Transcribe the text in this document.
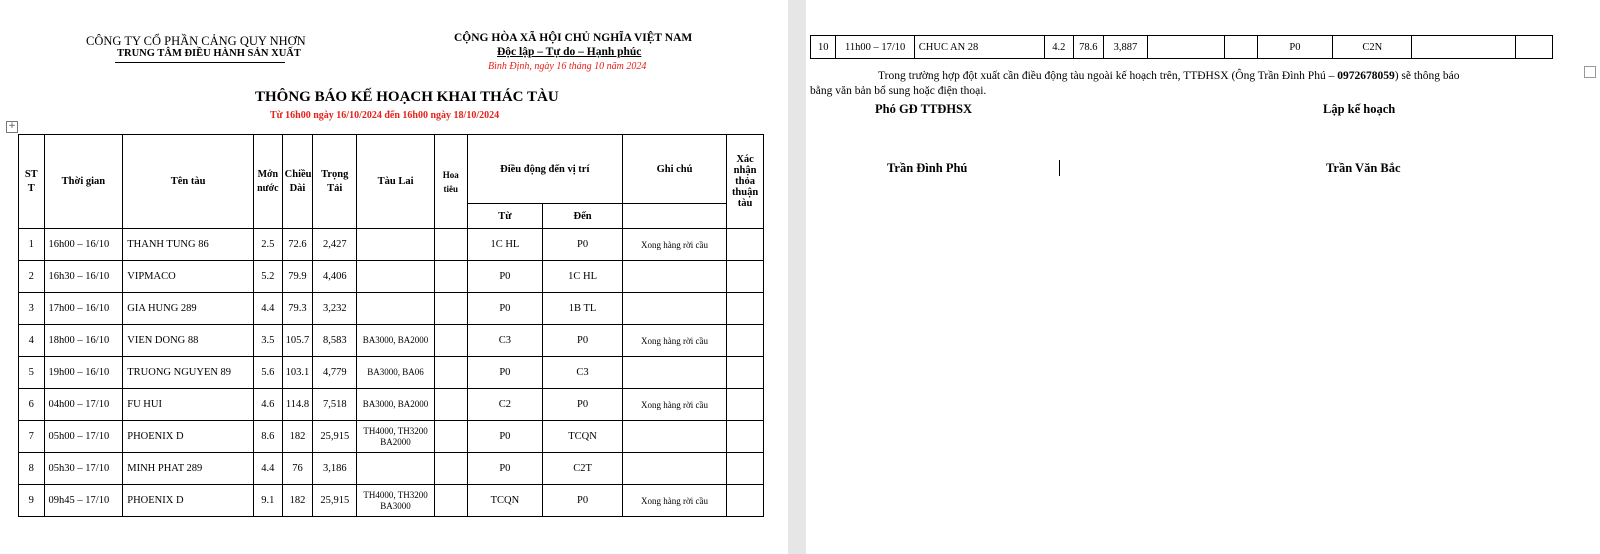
CÔNG TY CỔ PHẦN CẢNG QUY NHƠN
TRUNG TÂM ĐIỀU HÀNH SẢN XUẤT
CỘNG HÒA XÃ HỘI CHỦ NGHĨA VIỆT NAM
Độc lập – Tự do – Hạnh phúc
Bình Định, ngày 16 tháng 10 năm 2024
THÔNG BÁO KẾ HOẠCH KHAI THÁC TÀU
Từ 16h00 ngày 16/10/2024 đến 16h00 ngày 18/10/2024
+
ST T	Thời gian	Tên tàu	Mớn nước	Chiều Dài	Trọng Tải	Tàu Lai	Hoa tiêu	Điều động đến vị trí		Ghi chú	Xác nhận thỏa thuận tàu
								Từ	Đến		
1	16h00 – 16/10	THANH TUNG 86	2.5	72.6	2,427			1C HL	P0	Xong hàng rời cầu	
2	16h30 – 16/10	VIPMACO	5.2	79.9	4,406			P0	1C HL		
3	17h00 – 16/10	GIA HUNG 289	4.4	79.3	3,232			P0	1B TL		
4	18h00 – 16/10	VIEN DONG 88	3.5	105.7	8,583	BA3000, BA2000		C3	P0	Xong hàng rời cầu	
5	19h00 – 16/10	TRUONG NGUYEN 89	5.6	103.1	4,779	BA3000, BA06		P0	C3		
6	04h00 – 17/10	FU HUI	4.6	114.8	7,518	BA3000, BA2000		C2	P0	Xong hàng rời cầu	
7	05h00 – 17/10	PHOENIX D	8.6	182	25,915	TH4000, TH3200 BA2000		P0	TCQN		
8	05h30 – 17/10	MINH PHAT 289	4.4	76	3,186			P0	C2T		
9	09h45 – 17/10	PHOENIX D	9.1	182	25,915	TH4000, TH3200 BA3000		TCQN	P0	Xong hàng rời cầu	
10	11h00 – 17/10	CHUC AN 28	4.2	78.6	3,887			P0	C2N		
Trong trường hợp đột xuất cần điều động tàu ngoài kế hoạch trên, TTĐHSX (Ông Trần Đình Phú – 0972678059) sẽ thông báo
bằng văn bản bổ sung hoặc điện thoại.
Phó GĐ TTĐHSX	Lập kế hoạch
Trần Đình Phú	Trần Văn Bắc
